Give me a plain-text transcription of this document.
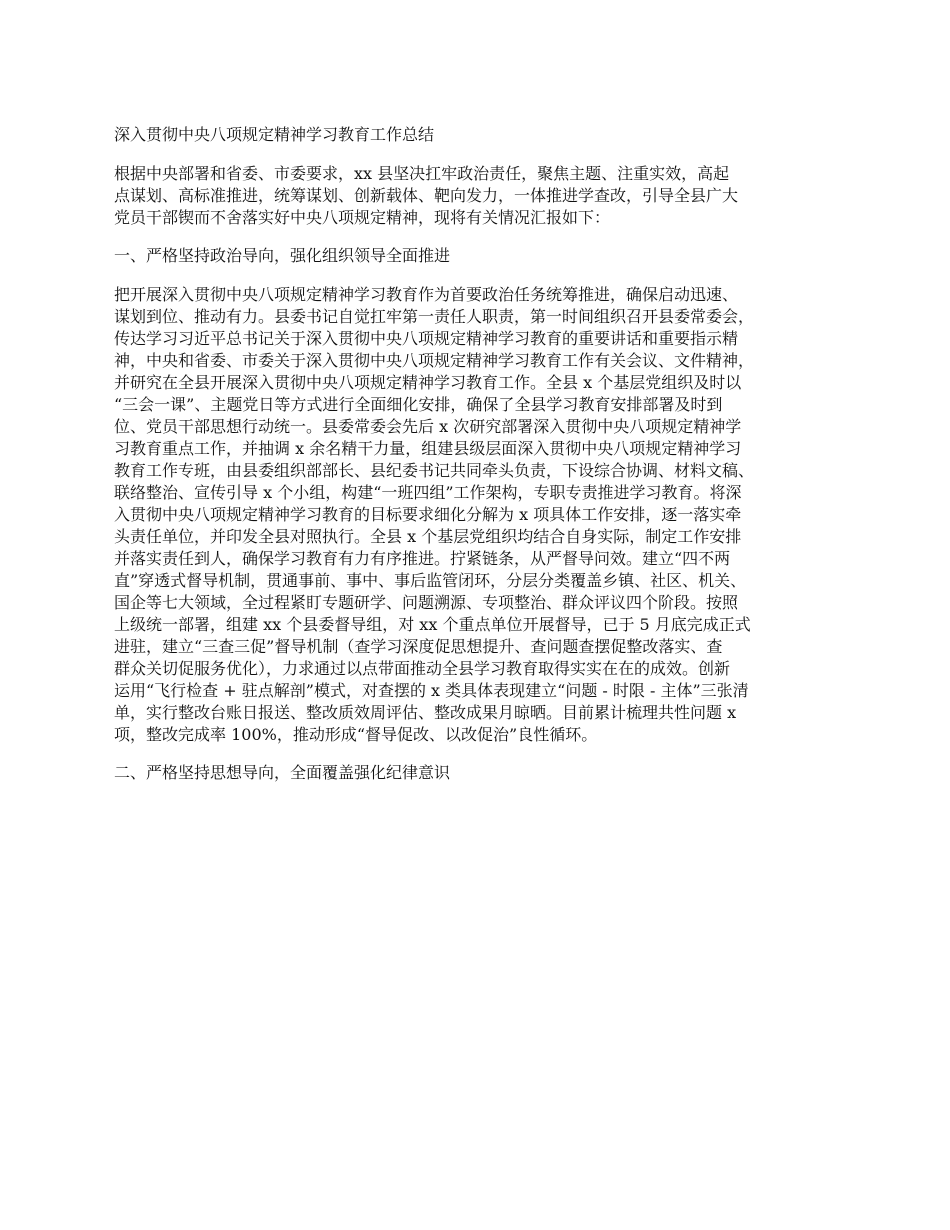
深入贯彻中央八项规定精神学习教育工作总结

根据中央部署和省委、市委要求，xx 县坚决扛牢政治责任，聚焦主题、注重实效，高起
点谋划、高标准推进，统筹谋划、创新载体、靶向发力，一体推进学查改，引导全县广大
党员干部锲而不舍落实好中央八项规定精神，现将有关情况汇报如下：

一、严格坚持政治导向，强化组织领导全面推进

把开展深入贯彻中央八项规定精神学习教育作为首要政治任务统筹推进，确保启动迅速、
谋划到位、推动有力。县委书记自觉扛牢第一责任人职责，第一时间组织召开县委常委会，
传达学习习近平总书记关于深入贯彻中央八项规定精神学习教育的重要讲话和重要指示精
神，中央和省委、市委关于深入贯彻中央八项规定精神学习教育工作有关会议、文件精神，
并研究在全县开展深入贯彻中央八项规定精神学习教育工作。全县 x 个基层党组织及时以
“三会一课”、主题党日等方式进行全面细化安排，确保了全县学习教育安排部署及时到
位、党员干部思想行动统一。县委常委会先后 x 次研究部署深入贯彻中央八项规定精神学
习教育重点工作，并抽调 x 余名精干力量，组建县级层面深入贯彻中央八项规定精神学习
教育工作专班，由县委组织部部长、县纪委书记共同牵头负责，下设综合协调、材料文稿、
联络整治、宣传引导 x 个小组，构建“一班四组”工作架构，专职专责推进学习教育。将深
入贯彻中央八项规定精神学习教育的目标要求细化分解为 x 项具体工作安排，逐一落实牵
头责任单位，并印发全县对照执行。全县 x 个基层党组织均结合自身实际，制定工作安排
并落实责任到人，确保学习教育有力有序推进。拧紧链条，从严督导问效。建立“四不两
直”穿透式督导机制，贯通事前、事中、事后监管闭环，分层分类覆盖乡镇、社区、机关、
国企等七大领域，全过程紧盯专题研学、问题溯源、专项整治、群众评议四个阶段。按照
上级统一部署，组建 xx 个县委督导组，对 xx 个重点单位开展督导，已于 5 月底完成正式
进驻，建立“三查三促”督导机制（查学习深度促思想提升、查问题查摆促整改落实、查
群众关切促服务优化），力求通过以点带面推动全县学习教育取得实实在在的成效。创新
运用“飞行检查 + 驻点解剖”模式，对查摆的 x 类具体表现建立“问题 - 时限 - 主体”三张清
单，实行整改台账日报送、整改质效周评估、整改成果月晾晒。目前累计梳理共性问题 x
项，整改完成率 100%，推动形成“督导促改、以改促治”良性循环。

二、严格坚持思想导向，全面覆盖强化纪律意识
